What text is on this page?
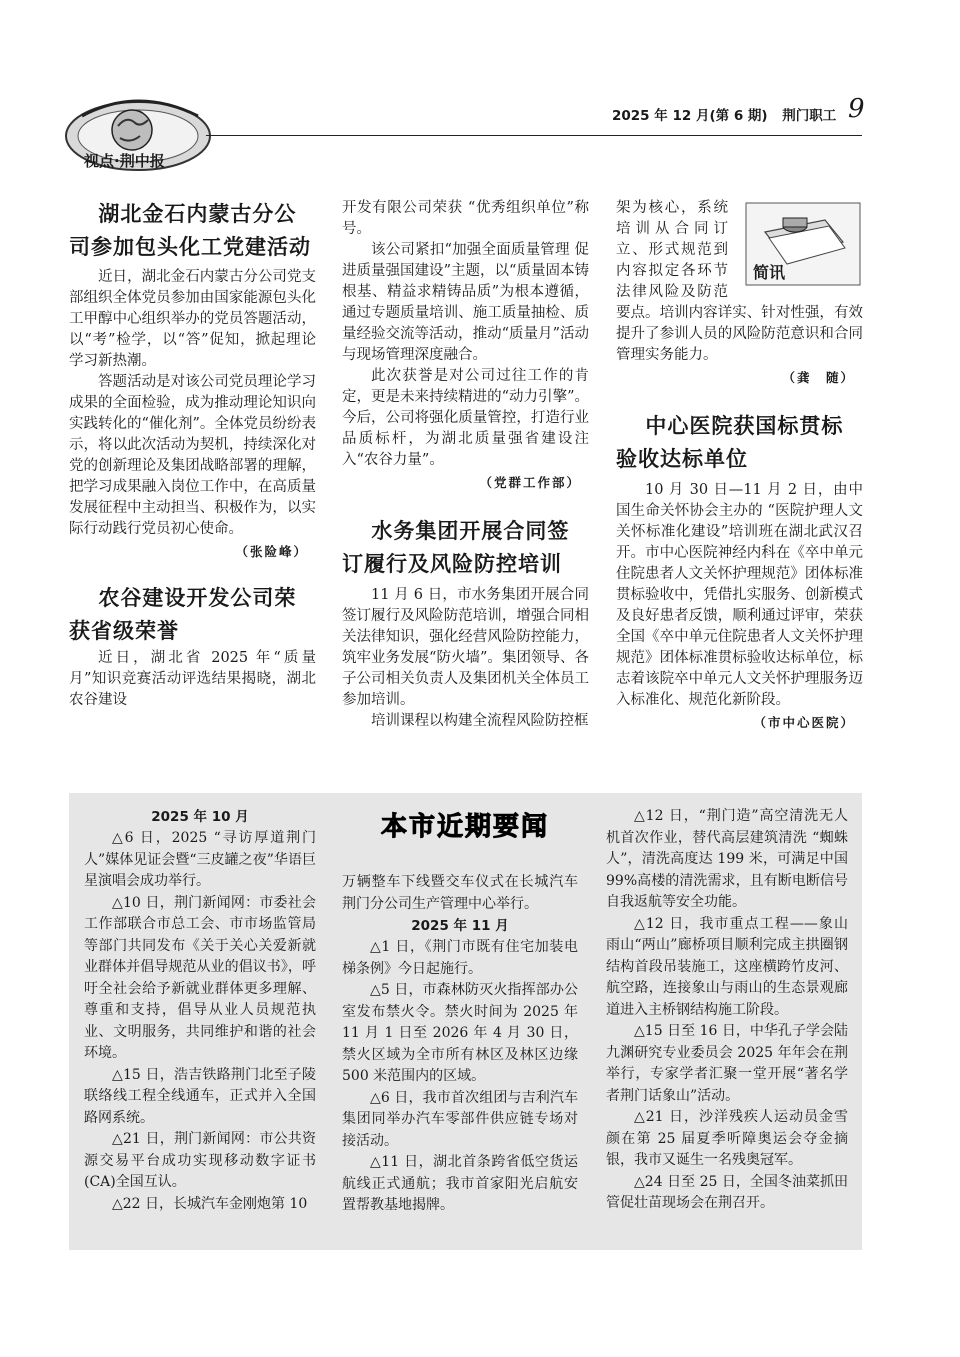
视点·荆中报
2025 年 12 月(第 6 期) 荆门职工 9
湖北金石内蒙古分公司参加包头化工党建活动

近日，湖北金石内蒙古分公司党支部组织全体党员参加由国家能源包头化工甲醇中心组织举办的党员答题活动，以“考”检学，以“答”促知，掀起理论学习新热潮。

答题活动是对该公司党员理论学习成果的全面检验，成为推动理论知识向实践转化的“催化剂”。全体党员纷纷表示，将以此次活动为契机，持续深化对党的创新理论及集团战略部署的理解，把学习成果融入岗位工作中，在高质量发展征程中主动担当、积极作为，以实际行动践行党员初心使命。

（张险峰）

农谷建设开发公司荣获省级荣誉

近日，湖北省 2025 年“质量月”知识竞赛活动评选结果揭晓，湖北农谷建设

开发有限公司荣获 “优秀组织单位”称号。

该公司紧扣“加强全面质量管理 促进质量强国建设”主题，以“质量固本铸根基、精益求精铸品质”为根本遵循，通过专题质量培训、施工质量抽检、质量经验交流等活动，推动“质量月”活动与现场管理深度融合。

此次获誉是对公司过往工作的肯定，更是未来持续精进的“动力引擎”。今后，公司将强化质量管控，打造行业品质标杆，为湖北质量强省建设注入“农谷力量”。

（党群工作部）

水务集团开展合同签订履行及风险防控培训

11 月 6 日，市水务集团开展合同签订履行及风险防范培训，增强合同相关法律知识，强化经营风险防控能力，筑牢业务发展“防火墙”。集团领导、各子公司相关负责人及集团机关全体员工参加培训。

培训课程以构建全流程风险防控框

简讯

架为核心，系统培训从合同订立、形式规范到内容拟定各环节法律风险及防范要点。培训内容详实、针对性强，有效提升了参训人员的风险防范意识和合同管理实务能力。

（龚　随）

中心医院获国标贯标验收达标单位

10 月 30 日—11 月 2 日，由中国生命关怀协会主办的 “医院护理人文关怀标准化建设”培训班在湖北武汉召开。市中心医院神经内科在《卒中单元住院患者人文关怀护理规范》团体标准贯标验收中，凭借扎实服务、创新模式及良好患者反馈，顺利通过评审，荣获全国《卒中单元住院患者人文关怀护理规范》团体标准贯标验收达标单位，标志着该院卒中单元人文关怀护理服务迈入标准化、规范化新阶段。

（市中心医院）

本市近期要闻

2025 年 10 月

△6 日，2025 “寻访厚道荆门人”媒体见证会暨“三皮罐之夜”华语巨星演唱会成功举行。

△10 日，荆门新闻网：市委社会工作部联合市总工会、市市场监管局等部门共同发布《关于关心关爱新就业群体并倡导规范从业的倡议书》，呼吁全社会给予新就业群体更多理解、尊重和支持，倡导从业人员规范执业、文明服务，共同维护和谐的社会环境。

△15 日，浩吉铁路荆门北至子陵联络线工程全线通车，正式并入全国路网系统。

△21 日，荆门新闻网：市公共资源交易平台成功实现移动数字证书(CA)全国互认。

△22 日，长城汽车金刚炮第 10

万辆整车下线暨交车仪式在长城汽车荆门分公司生产管理中心举行。

2025 年 11 月

△1 日，《荆门市既有住宅加装电梯条例》今日起施行。

△5 日，市森林防灭火指挥部办公室发布禁火令。禁火时间为 2025 年 11 月 1 日至 2026 年 4 月 30 日，禁火区域为全市所有林区及林区边缘 500 米范围内的区域。

△6 日，我市首次组团与吉利汽车集团同举办汽车零部件供应链专场对接活动。

△11 日，湖北首条跨省低空货运航线正式通航；我市首家阳光启航安置帮教基地揭牌。

△12 日，“荆门造”高空清洗无人机首次作业，替代高层建筑清洗 “蜘蛛人”，清洗高度达 199 米，可满足中国 99%高楼的清洗需求，且有断电断信号自我返航等安全功能。

△12 日，我市重点工程——象山雨山“两山”廊桥项目顺利完成主拱圈钢结构首段吊装施工，这座横跨竹皮河、航空路，连接象山与雨山的生态景观廊道进入主桥钢结构施工阶段。

△15 日至 16 日，中华孔子学会陆九渊研究专业委员会 2025 年年会在荆举行，专家学者汇聚一堂开展“著名学者荆门话象山”活动。

△21 日，沙洋残疾人运动员金雪颜在第 25 届夏季听障奥运会夺金摘银，我市又诞生一名残奥冠军。

△24 日至 25 日，全国冬油菜抓田管促壮苗现场会在荆召开。
